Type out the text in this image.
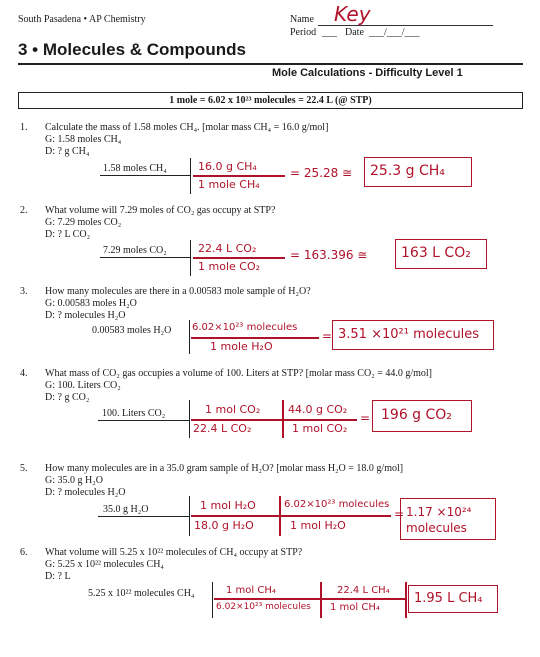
South Pasadena • AP Chemistry	Name Key
Period ___ Date ___/___/___
3 • Molecules & Compounds
Mole Calculations - Difficulty Level 1
1 mole = 6.02 x 10²³ molecules = 22.4 L (@ STP)
1. Calculate the mass of 1.58 moles CH₄. [molar mass CH₄ = 16.0 g/mol]
G: 1.58 moles CH₄
D: ? g CH₄
1.58 moles CH₄	16.0 g CH₄
1 mole CH₄
= 25.28 ≅	25.3 g CH₄
2. What volume will 7.29 moles of CO₂ gas occupy at STP?
G: 7.29 moles CO₂
D: ? L CO₂
7.29 moles CO₂	22.4 L CO₂
1 mole CO₂
= 163.396 ≅	163 L CO₂
3. How many molecules are there in a 0.00583 mole sample of H₂O?
G: 0.00583 moles H₂O
D: ? molecules H₂O
0.00583 moles H₂O 6.02×10²³ molecules
1 mole H₂O
= 3.51 ×10²¹ molecules
4. What mass of CO₂ gas occupies a volume of 100. Liters at STP? [molar mass CO₂ = 44.0 g/mol]
G: 100. Liters CO₂
D: ? g CO₂
100. Liters CO₂	1 mol CO₂
22.4 L CO₂
44.0 g CO₂
1 mol CO₂
= 196 g CO₂
5. How many molecules are in a 35.0 gram sample of H₂O? [molar mass H₂O = 18.0 g/mol]
G: 35.0 g H₂O
D: ? molecules H₂O
35.0 g H₂O	1 mol H₂O
18.0 g H₂O
6.02×10²³ molecules
1 mol H₂O
= 1.17 ×10²⁴ molecules
6. What volume will 5.25 x 10²² molecules of CH₄ occupy at STP?
G: 5.25 x 10²² molecules CH₄
D: ? L
5.25 x 10²² molecules CH₄	1 mol CH₄
6.02×10²³ molecules
22.4 L CH₄
1 mol CH₄
1.95 L CH₄
